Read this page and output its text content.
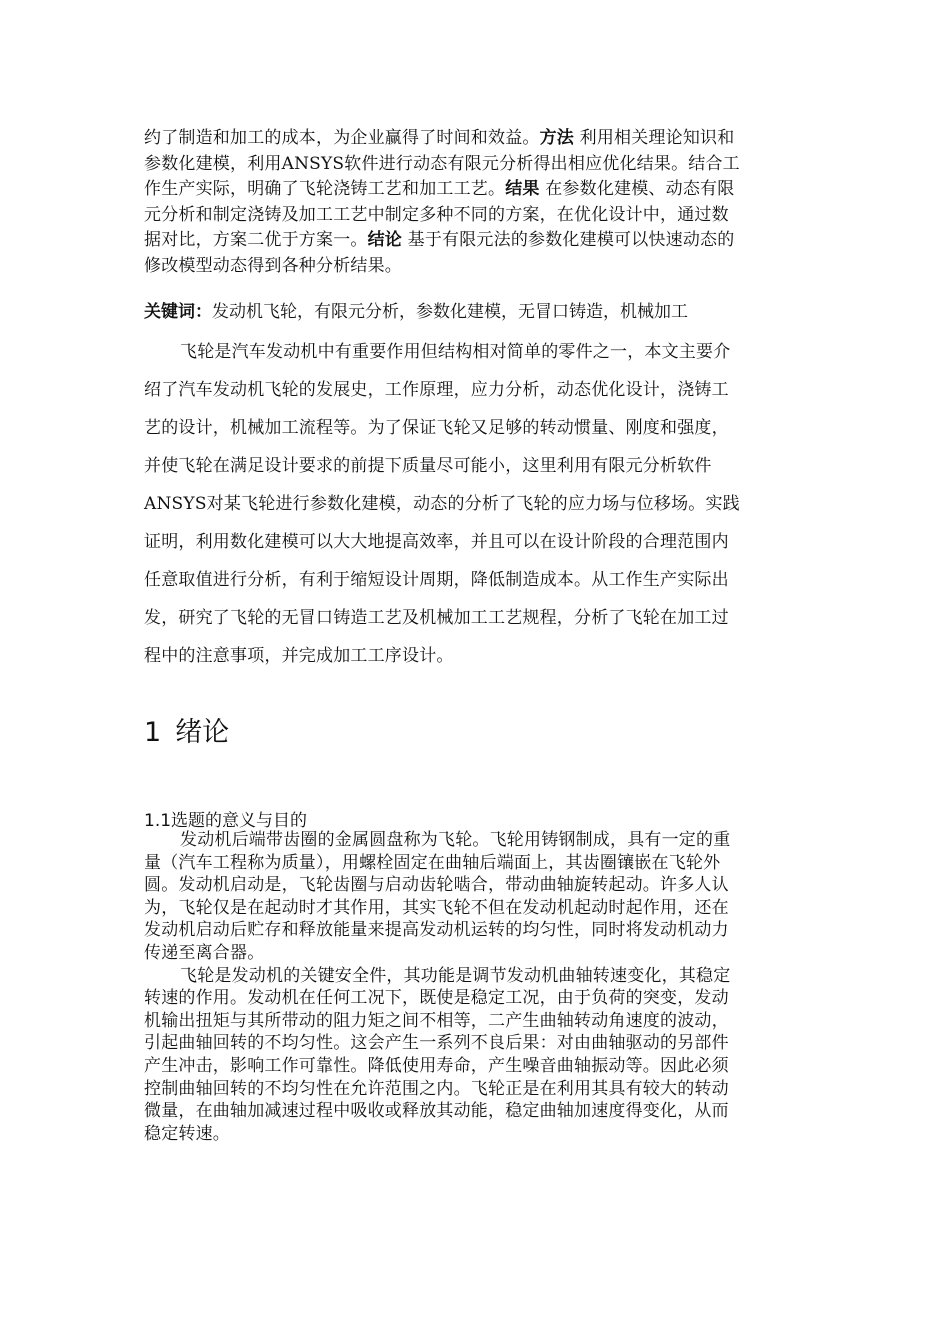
约了制造和加工的成本，为企业赢得了时间和效益。方法 利用相关理论知识和
参数化建模，利用ANSYS软件进行动态有限元分析得出相应优化结果。结合工
作生产实际，明确了飞轮浇铸工艺和加工工艺。结果 在参数化建模、动态有限
元分析和制定浇铸及加工工艺中制定多种不同的方案，在优化设计中，通过数
据对比，方案二优于方案一。结论 基于有限元法的参数化建模可以快速动态的
修改模型动态得到各种分析结果。
关键词：发动机飞轮，有限元分析，参数化建模，无冒口铸造，机械加工
飞轮是汽车发动机中有重要作用但结构相对简单的零件之一，本文主要介
绍了汽车发动机飞轮的发展史，工作原理，应力分析，动态优化设计，浇铸工
艺的设计，机械加工流程等。为了保证飞轮又足够的转动惯量、刚度和强度，
并使飞轮在满足设计要求的前提下质量尽可能小，这里利用有限元分析软件
ANSYS对某飞轮进行参数化建模，动态的分析了飞轮的应力场与位移场。实践
证明，利用数化建模可以大大地提高效率，并且可以在设计阶段的合理范围内
任意取值进行分析，有利于缩短设计周期，降低制造成本。从工作生产实际出
发，研究了飞轮的无冒口铸造工艺及机械加工工艺规程，分析了飞轮在加工过
程中的注意事项，并完成加工工序设计。
1 绪论
1.1选题的意义与目的
发动机后端带齿圈的金属圆盘称为飞轮。飞轮用铸钢制成，具有一定的重
量（汽车工程称为质量），用螺栓固定在曲轴后端面上，其齿圈镶嵌在飞轮外
圆。发动机启动是，飞轮齿圈与启动齿轮啮合，带动曲轴旋转起动。许多人认
为，飞轮仅是在起动时才其作用，其实飞轮不但在发动机起动时起作用，还在
发动机启动后贮存和释放能量来提高发动机运转的均匀性，同时将发动机动力
传递至离合器。
飞轮是发动机的关键安全件，其功能是调节发动机曲轴转速变化，其稳定
转速的作用。发动机在任何工况下，既使是稳定工况，由于负荷的突变，发动
机输出扭矩与其所带动的阻力矩之间不相等，二产生曲轴转动角速度的波动，
引起曲轴回转的不均匀性。这会产生一系列不良后果：对由曲轴驱动的另部件
产生冲击，影响工作可靠性。降低使用寿命，产生噪音曲轴振动等。因此必须
控制曲轴回转的不均匀性在允许范围之内。飞轮正是在利用其具有较大的转动
微量，在曲轴加减速过程中吸收或释放其动能，稳定曲轴加速度得变化，从而
稳定转速。
